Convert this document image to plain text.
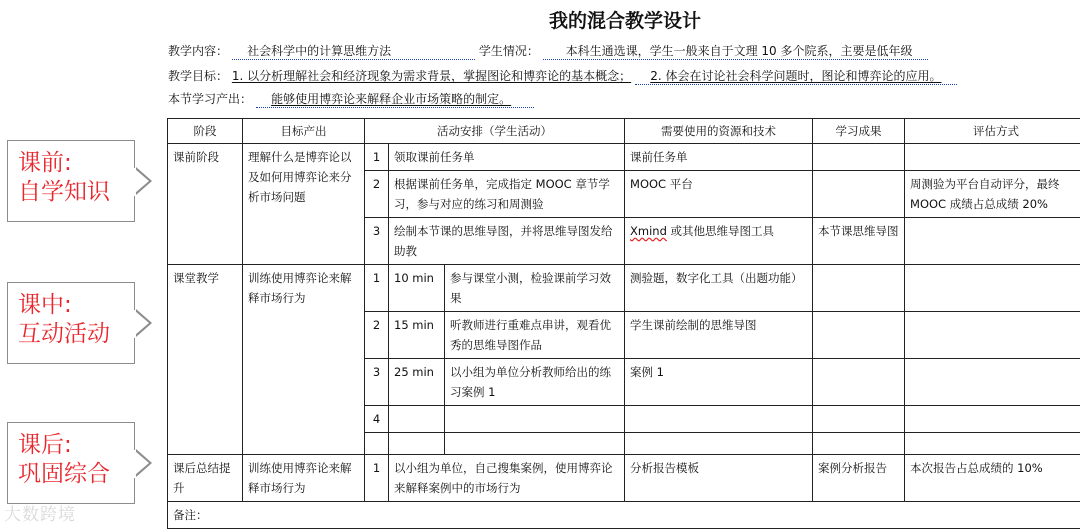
我的混合教学设计
教学内容： 社会科学中的计算思维方法	学生情况： 本科生通选课，学生一般来自于文理 10 多个院系，主要是低年级
教学目标： 1. 以分析理解社会和经济现象为需求背景，掌握图论和博弈论的基本概念； 2. 体会在讨论社会科学问题时，图论和博弈论的应用。
本节学习产出： 能够使用博弈论来解释企业市场策略的制定。
课前:
自学知识
课中:
互动活动
课后:
巩固综合
阶段	目标产出	活动安排（学生活动）			需要使用的资源和技术	学习成果	评估方式
课前阶段	理解什么是博弈论以及如何用博弈论来分析市场问题	1	领取课前任务单		课前任务单		
		2	根据课前任务单，完成指定 MOOC 章节学习，参与对应的练习和周测验		MOOC 平台		周测验为平台自动评分，最终 MOOC 成绩占总成绩 20%
		3	绘制本节课的思维导图，并将思维导图发给助教		Xmind 或其他思维导图工具	本节课思维导图	
课堂教学	训练使用博弈论来解释市场行为	1	10 min	参与课堂小测，检验课前学习效果	测验题，数字化工具（出题功能）		
		2	15 min	听教师进行重难点串讲，观看优秀的思维导图作品	学生课前绘制的思维导图		
		3	25 min	以小组为单位分析教师给出的练习案例 1	案例 1		
		4					

课后总结提升	训练使用博弈论来解释市场行为	1	以小组为单位，自己搜集案例，使用博弈论来解释案例中的市场行为		分析报告模板	案例分析报告	本次报告占总成绩的 10%
备注：							
大数跨境
